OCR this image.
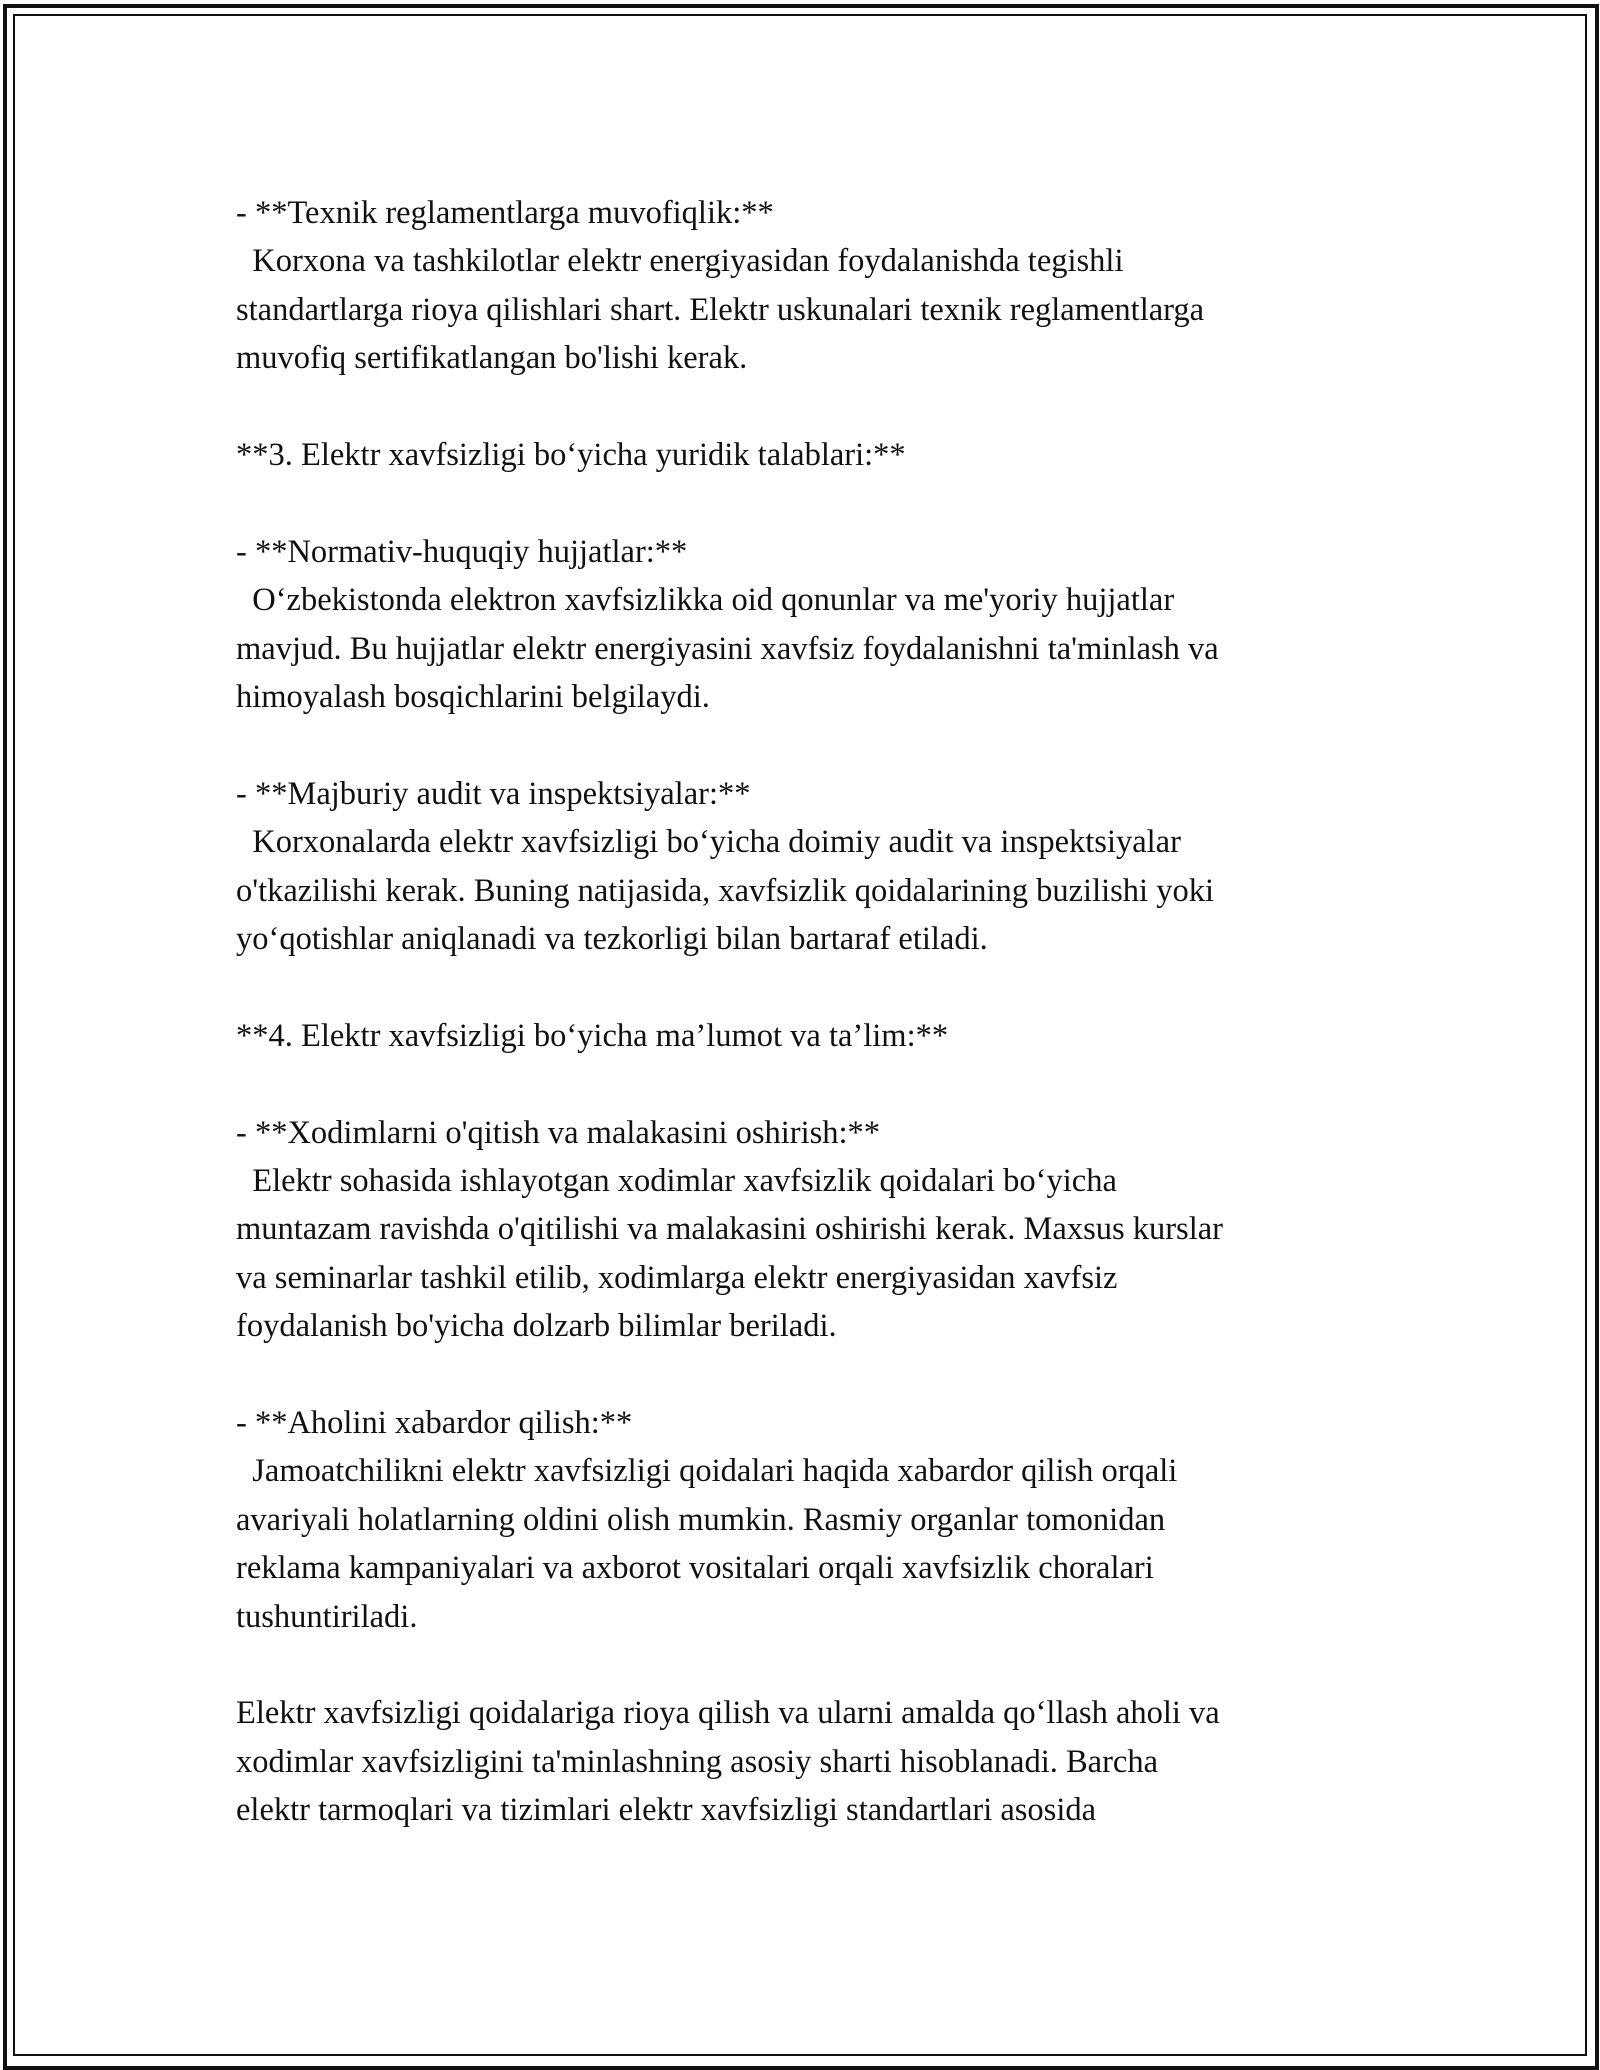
- **Texnik reglamentlarga muvofiqlik:**
Korxona va tashkilotlar elektr energiyasidan foydalanishda tegishli
standartlarga rioya qilishlari shart. Elektr uskunalari texnik reglamentlarga
muvofiq sertifikatlangan bo'lishi kerak.
**3. Elektr xavfsizligi bo‘yicha yuridik talablari:**
- **Normativ-huquqiy hujjatlar:**
O‘zbekistonda elektron xavfsizlikka oid qonunlar va me'yoriy hujjatlar
mavjud. Bu hujjatlar elektr energiyasini xavfsiz foydalanishni ta'minlash va
himoyalash bosqichlarini belgilaydi.
- **Majburiy audit va inspektsiyalar:**
Korxonalarda elektr xavfsizligi bo‘yicha doimiy audit va inspektsiyalar
o'tkazilishi kerak. Buning natijasida, xavfsizlik qoidalarining buzilishi yoki
yo‘qotishlar aniqlanadi va tezkorligi bilan bartaraf etiladi.
**4. Elektr xavfsizligi bo‘yicha ma’lumot va ta’lim:**
- **Xodimlarni o'qitish va malakasini oshirish:**
Elektr sohasida ishlayotgan xodimlar xavfsizlik qoidalari bo‘yicha
muntazam ravishda o'qitilishi va malakasini oshirishi kerak. Maxsus kurslar
va seminarlar tashkil etilib, xodimlarga elektr energiyasidan xavfsiz
foydalanish bo'yicha dolzarb bilimlar beriladi.
- **Aholini xabardor qilish:**
Jamoatchilikni elektr xavfsizligi qoidalari haqida xabardor qilish orqali
avariyali holatlarning oldini olish mumkin. Rasmiy organlar tomonidan
reklama kampaniyalari va axborot vositalari orqali xavfsizlik choralari
tushuntiriladi.
Elektr xavfsizligi qoidalariga rioya qilish va ularni amalda qo‘llash aholi va
xodimlar xavfsizligini ta'minlashning asosiy sharti hisoblanadi. Barcha
elektr tarmoqlari va tizimlari elektr xavfsizligi standartlari asosida
